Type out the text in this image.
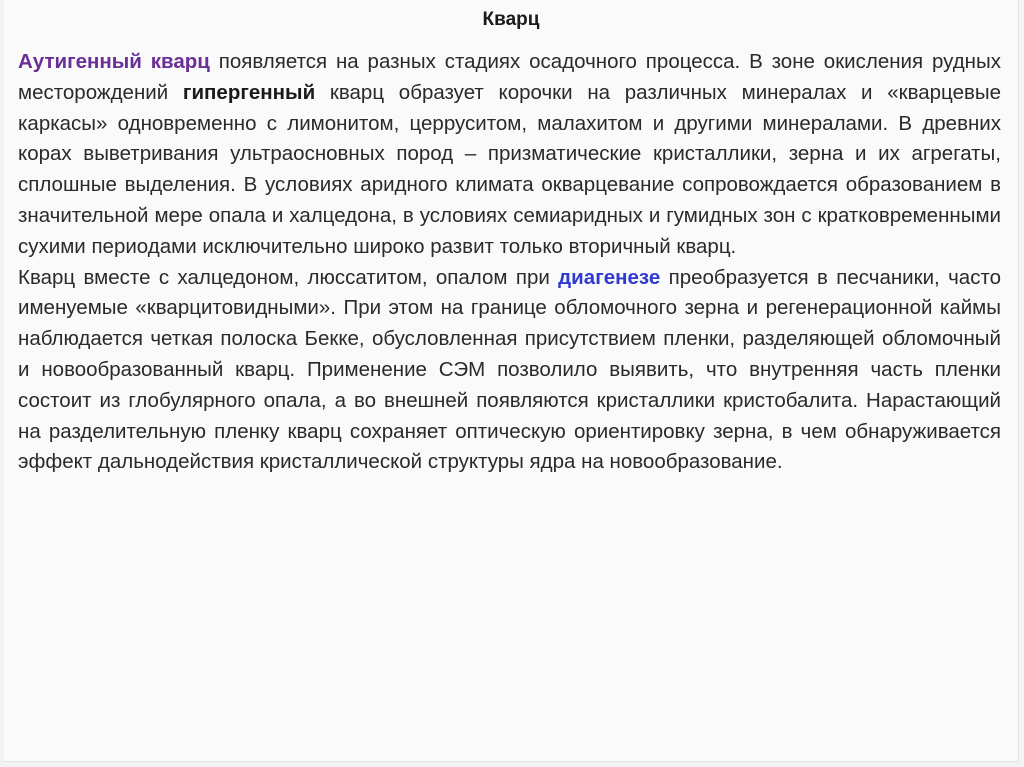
Кварц

Аутигенный кварц появляется на разных стадиях осадочного процесса. В зоне окисления рудных месторождений гипергенный кварц образует корочки на различных минералах и «кварцевые каркасы» одновременно с лимонитом, церруситом, малахитом и другими минералами. В древних корах выветривания ультраосновных пород – призматические кристаллики, зерна и их агрегаты, сплошные выделения. В условиях аридного климата окварцевание сопровождается образованием в значительной мере опала и халцедона, в условиях семиаридных и гумидных зон с кратковременными сухими периодами исключительно широко развит только вторичный кварц.

Кварц вместе с халцедоном, люссатитом, опалом при диагенезе преобразуется в песчаники, часто именуемые «кварцитовидными». При этом на границе обломочного зерна и регенерационной каймы наблюдается четкая полоска Бекке, обусловленная присутствием пленки, разделяющей обломочный и новообразованный кварц. Применение СЭМ позволило выявить, что внутренняя часть пленки состоит из глобулярного опала, а во внешней появляются кристаллики кристобалита. Нарастающий на разделительную пленку кварц сохраняет оптическую ориентировку зерна, в чем обнаруживается эффект дальнодействия кристаллической структуры ядра на новообразование.
